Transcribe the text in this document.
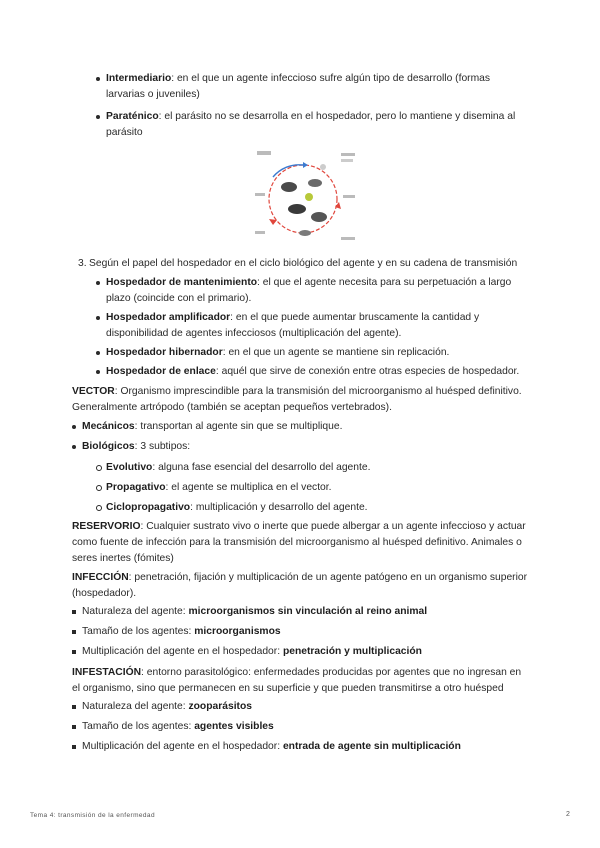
Intermediario: en el que un agente infeccioso sufre algún tipo de desarrollo (formas
larvarias o juveniles)
Paraténico: el parásito no se desarrolla en el hospedador, pero lo mantiene y disemina al
parásito
3. Según el papel del hospedador en el ciclo biológico del agente y en su cadena de transmisión
Hospedador de mantenimiento: el que el agente necesita para su perpetuación a largo
plazo (coincide con el primario).
Hospedador amplificador: en el que puede aumentar bruscamente la cantidad y
disponibilidad de agentes infecciosos (multiplicación del agente).
Hospedador hibernador: en el que un agente se mantiene sin replicación.
Hospedador de enlace: aquél que sirve de conexión entre otras especies de hospedador.
VECTOR: Organismo imprescindible para la transmisión del microorganismo al huésped definitivo.
Generalmente artrópodo (también se aceptan pequeños vertebrados).
Mecánicos: transportan al agente sin que se multiplique.
Biológicos: 3 subtipos:
Evolutivo: alguna fase esencial del desarrollo del agente.
Propagativo: el agente se multiplica en el vector.
Ciclopropagativo: multiplicación y desarrollo del agente.
RESERVORIO: Cualquier sustrato vivo o inerte que puede albergar a un agente infeccioso y actuar
como fuente de infección para la transmisión del microorganismo al huésped definitivo. Animales o
seres inertes (fómites)
INFECCIÓN: penetración, fijación y multiplicación de un agente patógeno en un organismo superior
(hospedador).
Naturaleza del agente: microorganismos sin vinculación al reino animal
Tamaño de los agentes: microorganismos
Multiplicación del agente en el hospedador: penetración y multiplicación
INFESTACIÓN: entorno parasitológico: enfermedades producidas por agentes que no ingresan en
el organismo, sino que permanecen en su superficie y que pueden transmitirse a otro huésped
Naturaleza del agente: zooparásitos
Tamaño de los agentes: agentes visibles
Multiplicación del agente en el hospedador: entrada de agente sin multiplicación
Tema 4: transmisión de la enfermedad	2
